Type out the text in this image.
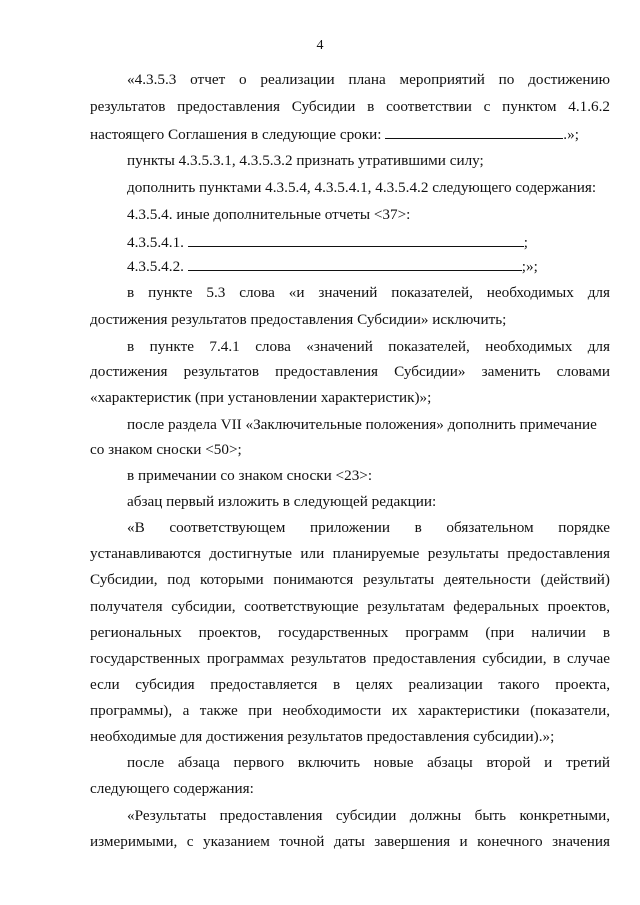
4
«4.3.5.3 отчет о реализации плана мероприятий по достижению
результатов предоставления Субсидии в соответствии с пунктом 4.1.6.2
настоящего Соглашения в следующие сроки:	.»;
пункты 4.3.5.3.1, 4.3.5.3.2 признать утратившими силу;
дополнить пунктами 4.3.5.4, 4.3.5.4.1, 4.3.5.4.2 следующего содержания:
4.3.5.4. иные дополнительные отчеты <37>:
4.3.5.4.1.	;
4.3.5.4.2.	;»;
в пункте 5.3 слова «и значений показателей, необходимых для
достижения результатов предоставления Субсидии» исключить;
в пункте 7.4.1 слова «значений показателей, необходимых для
достижения результатов предоставления Субсидии» заменить словами
«характеристик (при установлении характеристик)»;
после раздела VII «Заключительные положения» дополнить примечание
со знаком сноски <50>;
в примечании со знаком сноски <23>:
абзац первый изложить в следующей редакции:
«В соответствующем приложении в обязательном порядке
устанавливаются достигнутые или планируемые результаты предоставления
Субсидии, под которыми понимаются результаты деятельности (действий)
получателя субсидии, соответствующие результатам федеральных проектов,
региональных проектов, государственных программ (при наличии в
государственных программах результатов предоставления субсидии, в случае
если субсидия предоставляется в целях реализации такого проекта,
программы), а также при необходимости их характеристики (показатели,
необходимые для достижения результатов предоставления субсидии).»;
после абзаца первого включить новые абзацы второй и третий
следующего содержания:
«Результаты предоставления субсидии должны быть конкретными,
измеримыми, с указанием точной даты завершения и конечного значения
